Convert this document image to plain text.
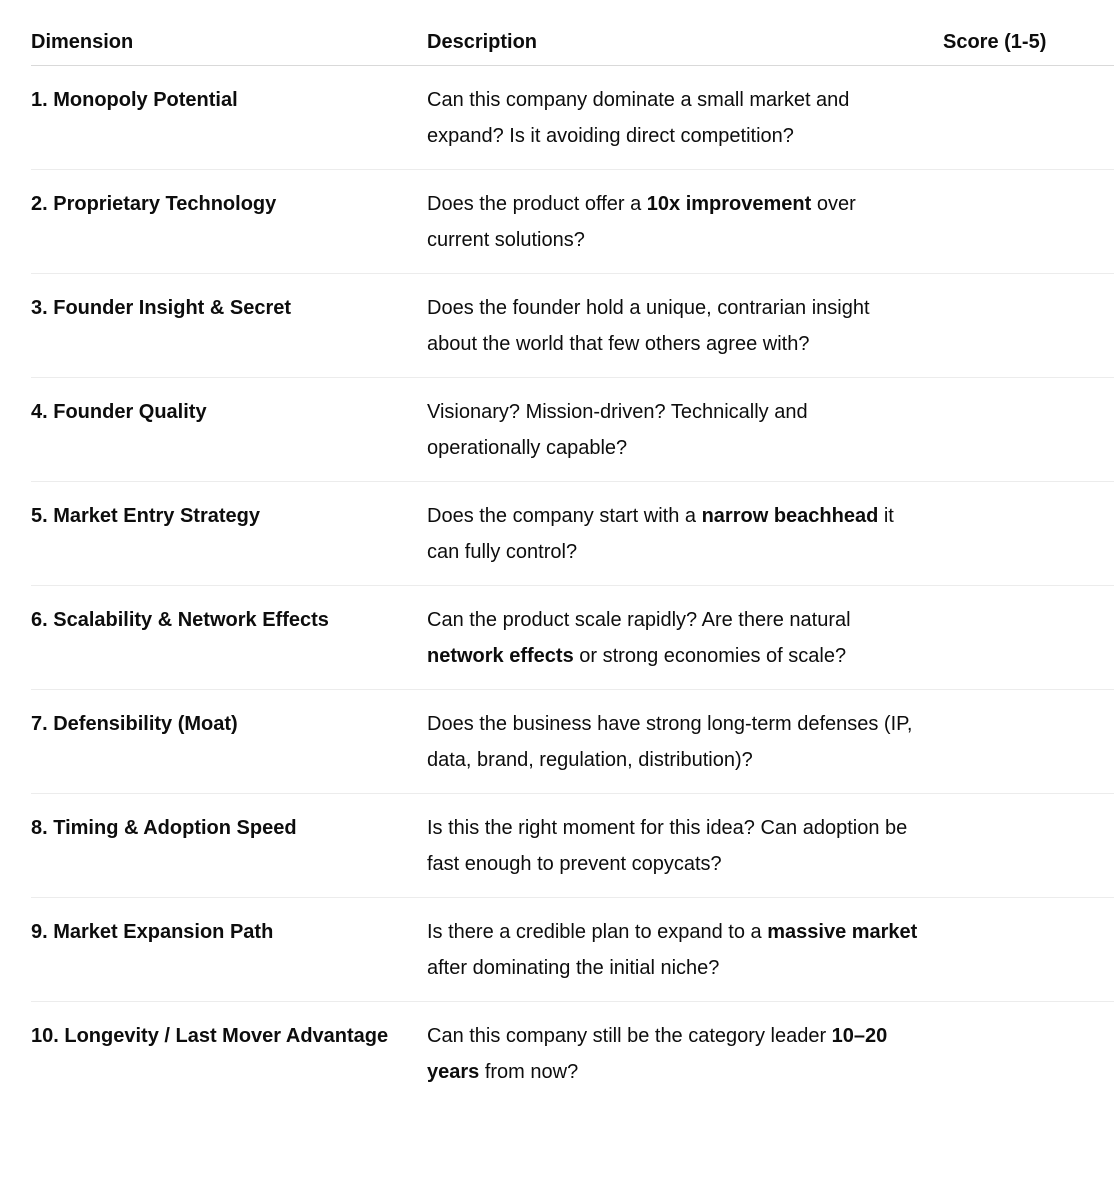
Dimension	Description	Score (1-5)
1. Monopoly Potential	Can this company dominate a small market and expand? Is it avoiding direct competition?	
2. Proprietary Technology	Does the product offer a 10x improvement over current solutions?	
3. Founder Insight & Secret	Does the founder hold a unique, contrarian insight about the world that few others agree with?	
4. Founder Quality	Visionary? Mission-driven? Technically and operationally capable?	
5. Market Entry Strategy	Does the company start with a narrow beachhead it can fully control?	
6. Scalability & Network Effects	Can the product scale rapidly? Are there natural network effects or strong economies of scale?	
7. Defensibility (Moat)	Does the business have strong long-term defenses (IP, data, brand, regulation, distribution)?	
8. Timing & Adoption Speed	Is this the right moment for this idea? Can adoption be fast enough to prevent copycats?	
9. Market Expansion Path	Is there a credible plan to expand to a massive market after dominating the initial niche?	
10. Longevity / Last Mover Advantage	Can this company still be the category leader 10–20 years from now?	
